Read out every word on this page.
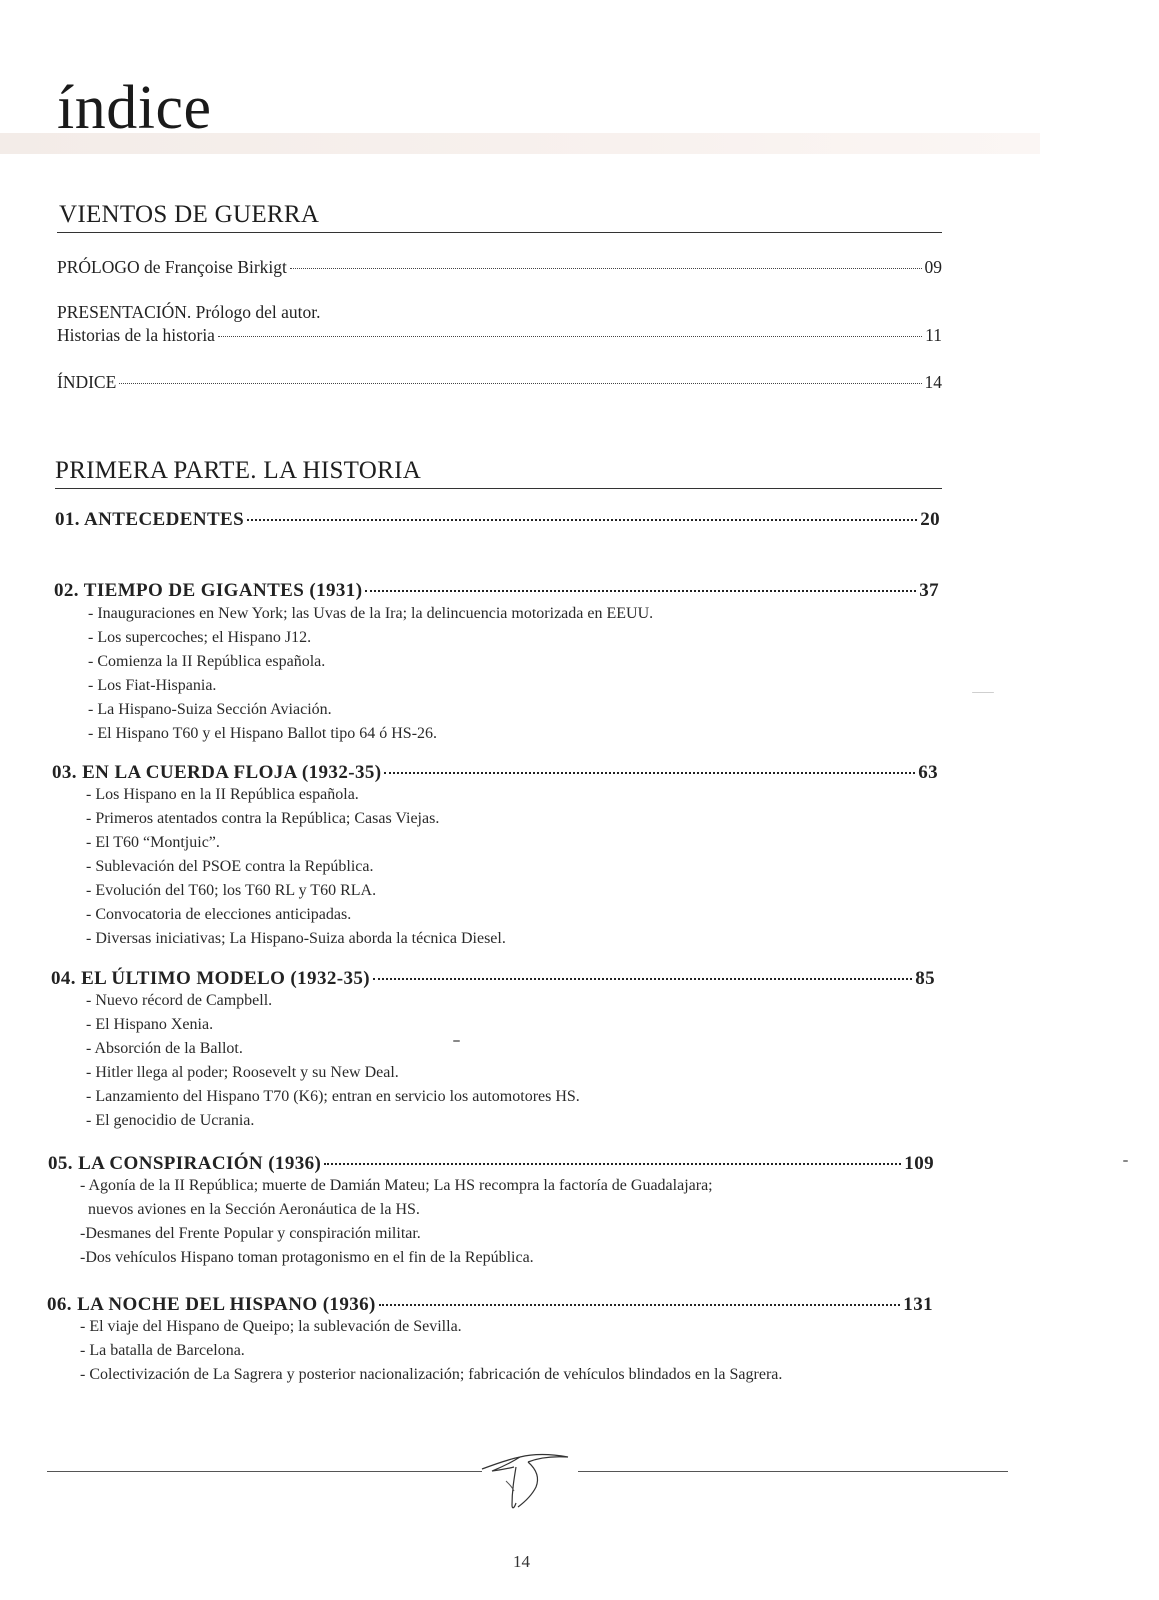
índice
VIENTOS DE GUERRA
PRÓLOGO de Françoise Birkigt	09
PRESENTACIÓN. Prólogo del autor.
Historias de la historia	11
ÍNDICE	14
PRIMERA PARTE. LA HISTORIA
01. ANTECEDENTES	20
02. TIEMPO DE GIGANTES (1931)	37
- Inauguraciones en New York; las Uvas de la Ira; la delincuencia motorizada en EEUU.
- Los supercoches; el Hispano J12.
- Comienza la II República española.
- Los Fiat-Hispania.
- La Hispano-Suiza Sección Aviación.
- El Hispano T60 y el Hispano Ballot tipo 64 ó HS-26.
03. EN LA CUERDA FLOJA (1932-35)	63
- Los Hispano en la II República española.
- Primeros atentados contra la República; Casas Viejas.
- El T60 “Montjuic”.
- Sublevación del PSOE contra la República.
- Evolución del T60; los T60 RL y T60 RLA.
- Convocatoria de elecciones anticipadas.
- Diversas iniciativas; La Hispano-Suiza aborda la técnica Diesel.
04. EL ÚLTIMO MODELO (1932-35)	85
- Nuevo récord de Campbell.
- El Hispano Xenia.
- Absorción de la Ballot.
- Hitler llega al poder; Roosevelt y su New Deal.
- Lanzamiento del Hispano T70 (K6); entran en servicio los automotores HS.
- El genocidio de Ucrania.
05. LA CONSPIRACIÓN (1936)	109
- Agonía de la II República; muerte de Damián Mateu; La HS recompra la factoría de Guadalajara;
nuevos aviones en la Sección Aeronáutica de la HS.
-Desmanes del Frente Popular y conspiración militar.
-Dos vehículos Hispano toman protagonismo en el fin de la República.
06. LA NOCHE DEL HISPANO (1936)	131
- El viaje del Hispano de Queipo; la sublevación de Sevilla.
- La batalla de Barcelona.
- Colectivización de La Sagrera y posterior nacionalización; fabricación de vehículos blindados en la Sagrera.
14
